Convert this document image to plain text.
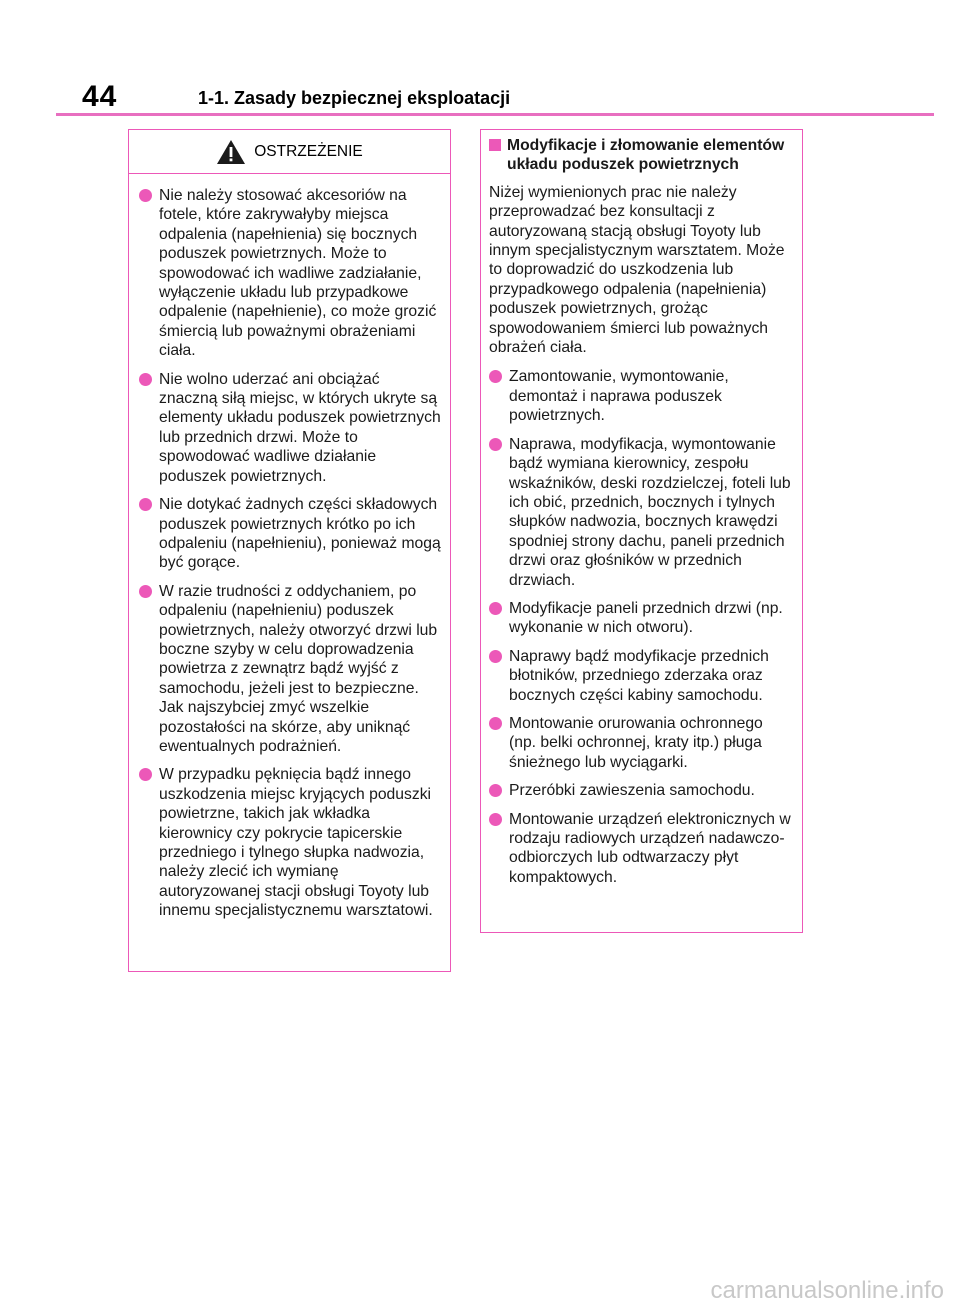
44	1-1. Zasady bezpiecznej eksploatacji
OSTRZEŻENIE
Nie należy stosować akcesoriów na fotele, które zakrywałyby miejsca odpalenia (napełnienia) się bocznych poduszek powietrznych. Może to spowodować ich wadliwe zadziałanie, wyłączenie układu lub przypadkowe odpalenie (napełnienie), co może grozić śmiercią lub poważnymi obrażeniami ciała.
Nie wolno uderzać ani obciążać znaczną siłą miejsc, w których ukryte są elementy układu poduszek powietrznych lub przednich drzwi. Może to spowodować wadliwe działanie poduszek powietrznych.
Nie dotykać żadnych części składowych poduszek powietrznych krótko po ich odpaleniu (napełnieniu), ponieważ mogą być gorące.
W razie trudności z oddychaniem, po odpaleniu (napełnieniu) poduszek powietrznych, należy otworzyć drzwi lub boczne szyby w celu doprowadzenia powietrza z zewnątrz bądź wyjść z samochodu, jeżeli jest to bezpieczne. Jak najszybciej zmyć wszelkie pozostałości na skórze, aby uniknąć ewentualnych podrażnień.
W przypadku pęknięcia bądź innego uszkodzenia miejsc kryjących poduszki powietrzne, takich jak wkładka kierownicy czy pokrycie tapicerskie przedniego i tylnego słupka nadwozia, należy zlecić ich wymianę autoryzowanej stacji obsługi Toyoty lub innemu specjalistycznemu warsztatowi.
Modyfikacje i złomowanie elementów układu poduszek powietrznych
Niżej wymienionych prac nie należy przeprowadzać bez konsultacji z autoryzowaną stacją obsługi Toyoty lub innym specjalistycznym warsztatem. Może to doprowadzić do uszkodzenia lub przypadkowego odpalenia (napełnienia) poduszek powietrznych, grożąc spowodowaniem śmierci lub poważnych obrażeń ciała.
Zamontowanie, wymontowanie, demontaż i naprawa poduszek powietrznych.
Naprawa, modyfikacja, wymontowanie bądź wymiana kierownicy, zespołu wskaźników, deski rozdzielczej, foteli lub ich obić, przednich, bocznych i tylnych słupków nadwozia, bocznych krawędzi spodniej strony dachu, paneli przednich drzwi oraz głośników w przednich drzwiach.
Modyfikacje paneli przednich drzwi (np. wykonanie w nich otworu).
Naprawy bądź modyfikacje przednich błotników, przedniego zderzaka oraz bocznych części kabiny samochodu.
Montowanie orurowania ochronnego (np. belki ochronnej, kraty itp.) pługa śnieżnego lub wyciągarki.
Przeróbki zawieszenia samochodu.
Montowanie urządzeń elektronicznych w rodzaju radiowych urządzeń nadawczo-odbiorczych lub odtwarzaczy płyt kompaktowych.
carmanualsonline.info
